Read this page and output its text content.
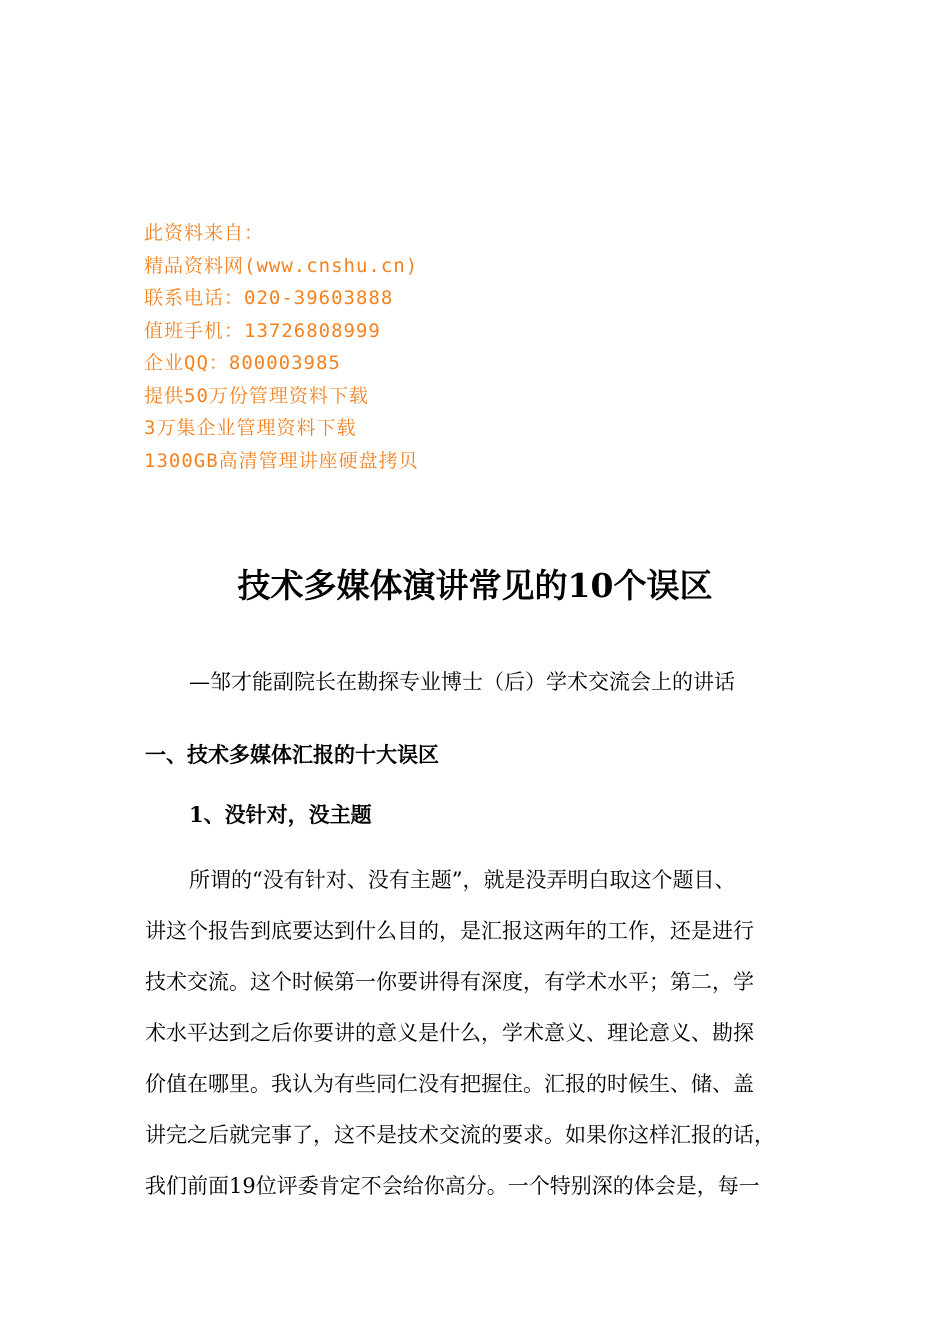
此资料来自：
精品资料网(www.cnshu.cn)
联系电话：020-39603888
值班手机：13726808999
企业QQ：800003985
提供50万份管理资料下载
3万集企业管理资料下载
1300GB高清管理讲座硬盘拷贝
技术多媒体演讲常见的10个误区
—邹才能副院长在勘探专业博士（后）学术交流会上的讲话
一、技术多媒体汇报的十大误区
1、没针对，没主题
所谓的“没有针对、没有主题”，就是没弄明白取这个题目、
讲这个报告到底要达到什么目的，是汇报这两年的工作，还是进行
技术交流。这个时候第一你要讲得有深度，有学术水平；第二，学
术水平达到之后你要讲的意义是什么，学术意义、理论意义、勘探
价值在哪里。我认为有些同仁没有把握住。汇报的时候生、储、盖
讲完之后就完事了，这不是技术交流的要求。如果你这样汇报的话，
我们前面19位评委肯定不会给你高分。一个特别深的体会是，每一
